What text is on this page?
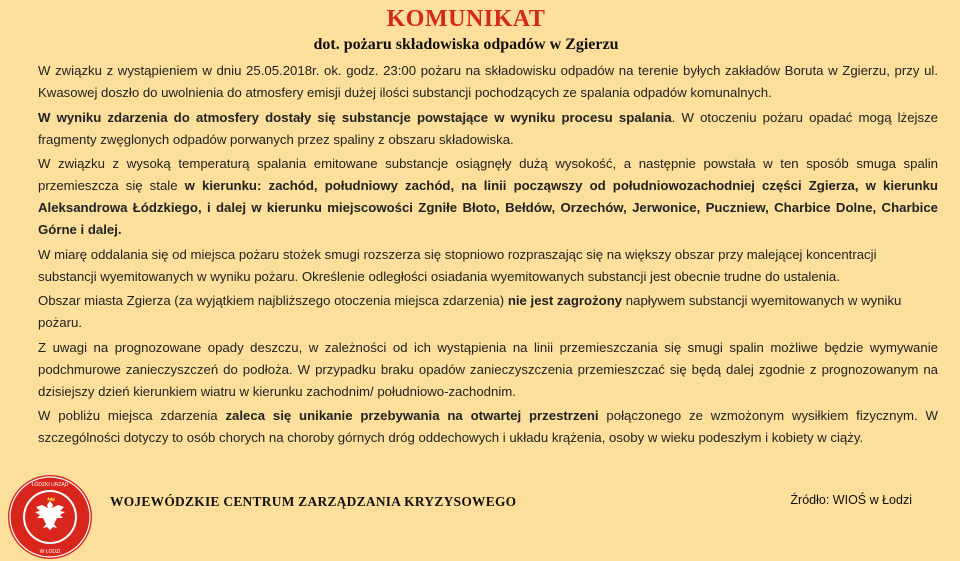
KOMUNIKAT
dot. pożaru składowiska odpadów w Zgierzu

W związku z wystąpieniem w dniu 25.05.2018r. ok. godz. 23:00 pożaru na składowisku odpadów na terenie byłych zakładów Boruta w Zgierzu, przy ul. Kwasowej doszło do uwolnienia do atmosfery emisji dużej ilości substancji pochodzących ze spalania odpadów komunalnych.

W wyniku zdarzenia do atmosfery dostały się substancje powstające w wyniku procesu spalania. W otoczeniu pożaru opadać mogą lżejsze fragmenty zwęglonych odpadów porwanych przez spaliny z obszaru składowiska.

W związku z wysoką temperaturą spalania emitowane substancje osiągnęły dużą wysokość, a następnie powstała w ten sposób smuga spalin przemieszcza się stale w kierunku: zachód, południowy zachód, na linii począwszy od południowozachodniej części Zgierza, w kierunku Aleksandrowa Łódzkiego, i dalej w kierunku miejscowości Zgniłe Błoto, Bełdów, Orzechów, Jerwonice, Puczniew, Charbice Dolne, Charbice Górne i dalej.

W miarę oddalania się od miejsca pożaru stożek smugi rozszerza się stopniowo rozpraszając się na większy obszar przy malejącej koncentracji substancji wyemitowanych w wyniku pożaru. Określenie odległości osiadania wyemitowanych substancji jest obecnie trudne do ustalenia.

Obszar miasta Zgierza (za wyjątkiem najbliższego otoczenia miejsca zdarzenia) nie jest zagrożony napływem substancji wyemitowanych w wyniku pożaru.

Z uwagi na prognozowane opady deszczu, w zależności od ich wystąpienia na linii przemieszczania się smugi spalin możliwe będzie wymywanie podchmurowe zanieczyszczeń do podłoża. W przypadku braku opadów zanieczyszczenia przemieszczać się będą dalej zgodnie z prognozowanym na dzisiejszy dzień kierunkiem wiatru w kierunku zachodnim/ południowo-zachodnim.

W pobliżu miejsca zdarzenia zaleca się unikanie przebywania na otwartej przestrzeni połączonego ze wzmożonym wysiłkiem fizycznym. W szczególności dotyczy to osób chorych na choroby górnych dróg oddechowych i układu krążenia, osoby w wieku podeszłym i kobiety w ciąży.

ŁÓDZKI URZĄD
W ŁODZI
WOJEWÓDZKIE CENTRUM ZARZĄDZANIA KRYZYSOWEGO	Źródło: WIOŚ w Łodzi
